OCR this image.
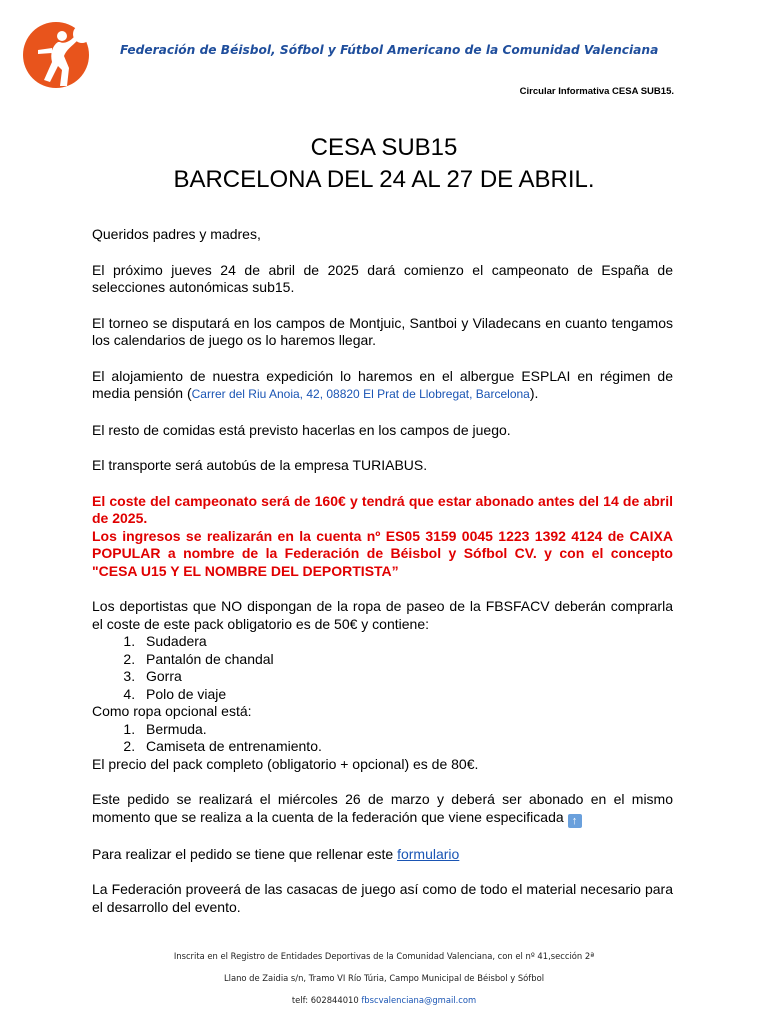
Federación de Béisbol, Sófbol y Fútbol Americano de la Comunidad Valenciana
Circular Informativa CESA SUB15.
CESA SUB15
BARCELONA DEL 24 AL 27 DE ABRIL.

Queridos padres y madres,

El próximo jueves 24 de abril de 2025 dará comienzo el campeonato de España de selecciones autonómicas sub15.

El torneo se disputará en los campos de Montjuic, Santboi y Viladecans en cuanto tengamos los calendarios de juego os lo haremos llegar.

El alojamiento de nuestra expedición lo haremos en el albergue ESPLAI en régimen de media pensión (Carrer del Riu Anoia, 42, 08820 El Prat de Llobregat, Barcelona).

El resto de comidas está previsto hacerlas en los campos de juego.

El transporte será autobús de la empresa TURIABUS.

El coste del campeonato será de 160€ y tendrá que estar abonado antes del 14 de abril de 2025.
Los ingresos se realizarán en la cuenta nº ES05 3159 0045 1223 1392 4124 de CAIXA POPULAR a nombre de la Federación de Béisbol y Sófbol CV. y con el concepto "CESA U15 Y EL NOMBRE DEL DEPORTISTA”

Los deportistas que NO dispongan de la ropa de paseo de la FBSFACV deberán comprarla el coste de este pack obligatorio es de 50€ y contiene:

1. Sudadera
2. Pantalón de chandal
3. Gorra
4. Polo de viaje
Como ropa opcional está:
1. Bermuda.
2. Camiseta de entrenamiento.

El precio del pack completo (obligatorio + opcional) es de 80€.

Este pedido se realizará el miércoles 26 de marzo y deberá ser abonado en el mismo momento que se realiza a la cuenta de la federación que viene especificada ↑

Para realizar el pedido se tiene que rellenar este formulario

La Federación proveerá de las casacas de juego así como de todo el material necesario para el desarrollo del evento.

Inscrita en el Registro de Entidades Deportivas de la Comunidad Valenciana, con el nº 41,sección 2ª
Llano de Zaidia s/n, Tramo VI Río Túria, Campo Municipal de Béisbol y Sófbol
telf: 602844010 fbscvalenciana@gmail.com
